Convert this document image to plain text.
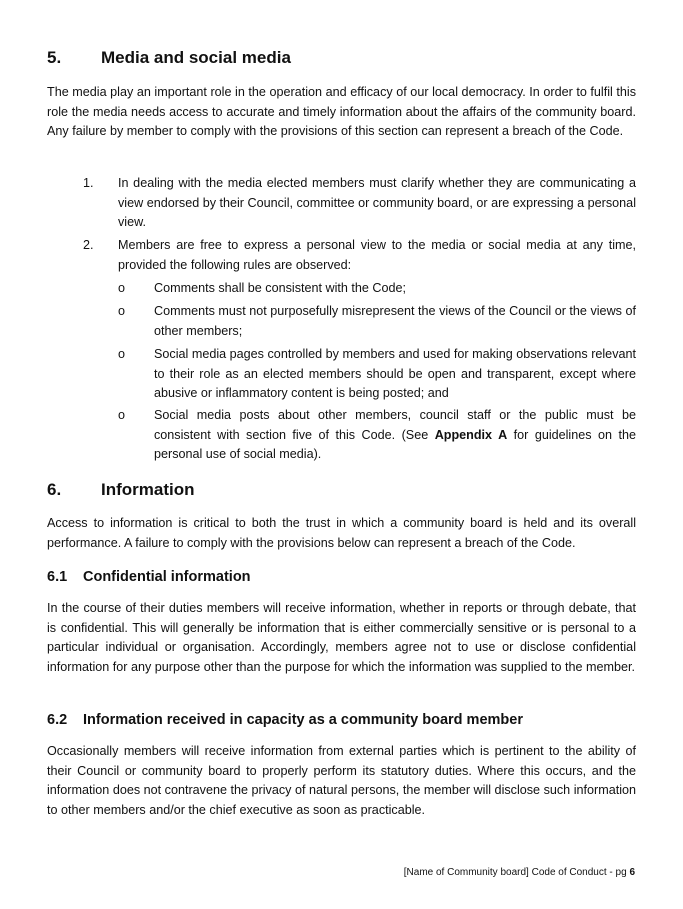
5.	Media and social media
The media play an important role in the operation and efficacy of our local democracy. In order to fulfil this role the media needs access to accurate and timely information about the affairs of the community board. Any failure by member to comply with the provisions of this section can represent a breach of the Code.
1. In dealing with the media elected members must clarify whether they are communicating a view endorsed by their Council, committee or community board, or are expressing a personal view.
2. Members are free to express a personal view to the media or social media at any time, provided the following rules are observed:
o Comments shall be consistent with the Code;
o Comments must not purposefully misrepresent the views of the Council or the views of other members;
o Social media pages controlled by members and used for making observations relevant to their role as an elected members should be open and transparent, except where abusive or inflammatory content is being posted; and
o Social media posts about other members, council staff or the public must be consistent with section five of this Code. (See Appendix A for guidelines on the personal use of social media).
6.	Information
Access to information is critical to both the trust in which a community board is held and its overall performance. A failure to comply with the provisions below can represent a breach of the Code.
6.1	Confidential information
In the course of their duties members will receive information, whether in reports or through debate, that is confidential. This will generally be information that is either commercially sensitive or is personal to a particular individual or organisation. Accordingly, members agree not to use or disclose confidential information for any purpose other than the purpose for which the information was supplied to the member.
6.2	Information received in capacity as a community board member
Occasionally members will receive information from external parties which is pertinent to the ability of their Council or community board to properly perform its statutory duties. Where this occurs, and the information does not contravene the privacy of natural persons, the member will disclose such information to other members and/or the chief executive as soon as practicable.
[Name of Community board] Code of Conduct - pg 6
